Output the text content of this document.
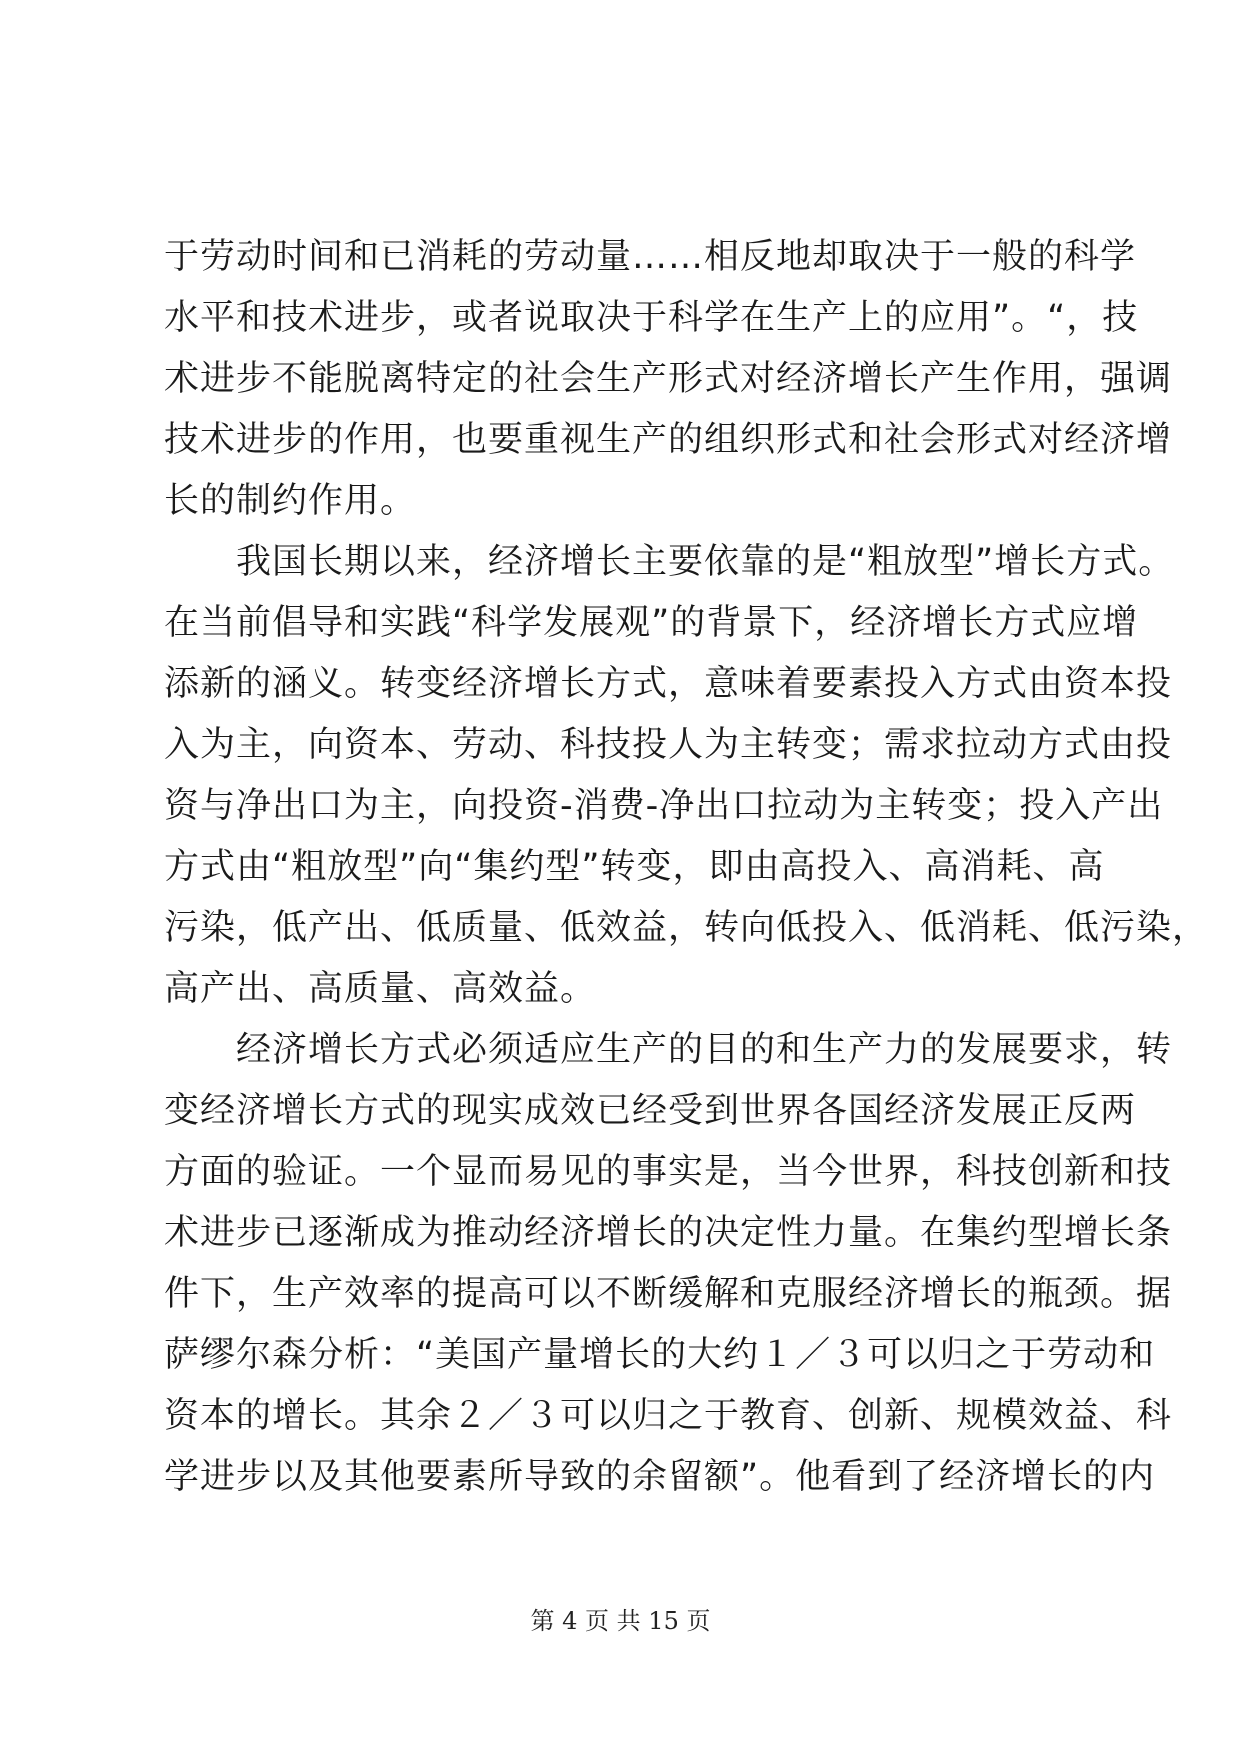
于劳动时间和已消耗的劳动量……相反地却取决于一般的科学
水平和技术进步，或者说取决于科学在生产上的应用”。“，技
术进步不能脱离特定的社会生产形式对经济增长产生作用，强调
技术进步的作用，也要重视生产的组织形式和社会形式对经济增
长的制约作用。
　　我国长期以来，经济增长主要依靠的是“粗放型”增长方式。
在当前倡导和实践“科学发展观”的背景下，经济增长方式应增
添新的涵义。转变经济增长方式，意味着要素投入方式由资本投
入为主，向资本、劳动、科技投人为主转变；需求拉动方式由投
资与净出口为主，向投资-消费-净出口拉动为主转变；投入产出
方式由“粗放型”向“集约型”转变，即由高投入、高消耗、高
污染，低产出、低质量、低效益，转向低投入、低消耗、低污染，
高产出、高质量、高效益。
　　经济增长方式必须适应生产的目的和生产力的发展要求，转
变经济增长方式的现实成效已经受到世界各国经济发展正反两
方面的验证。一个显而易见的事实是，当今世界，科技创新和技
术进步已逐渐成为推动经济增长的决定性力量。在集约型增长条
件下，生产效率的提高可以不断缓解和克服经济增长的瓶颈。据
萨缪尔森分析：“美国产量增长的大约１／３可以归之于劳动和
资本的增长。其余２／３可以归之于教育、创新、规模效益、科
学进步以及其他要素所导致的余留额”。他看到了经济增长的内
第 4 页 共 15 页
